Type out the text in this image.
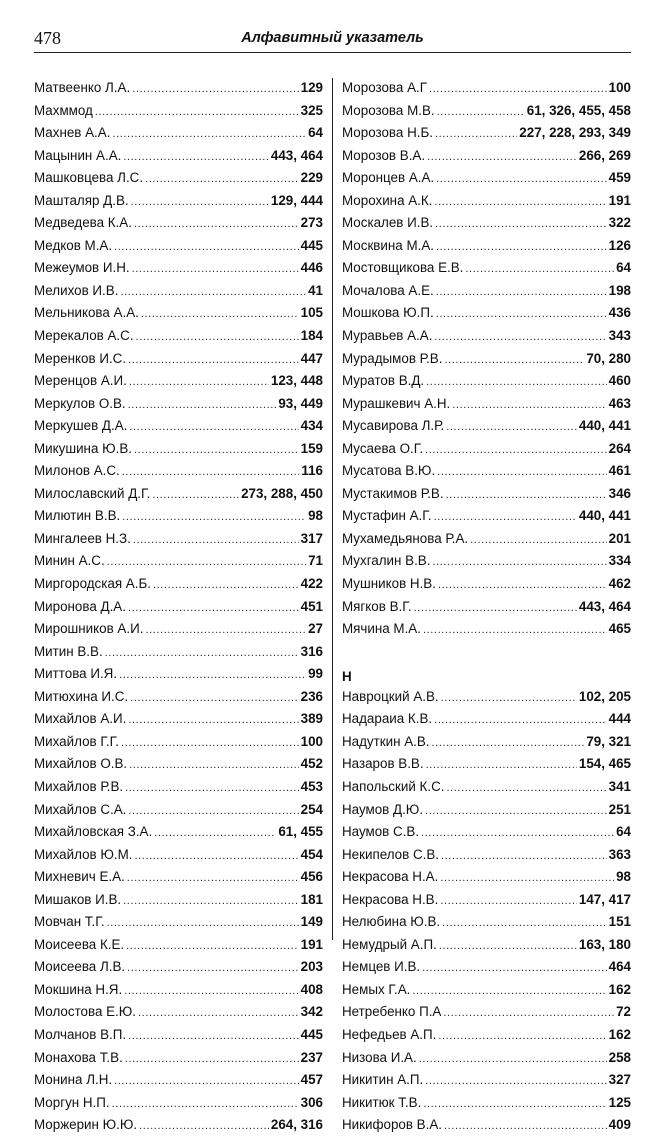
478	Алфавитный указатель
Матвеенко Л.А. .....	129
Махммод .....	325
Махнев А.А. .....	64
Мацынин А.А. .....	443, 464
Машковцева Л.С. .....	229
Машталяр Д.В. .....	129, 444
Медведева К.А. .....	273
Медков М.А. .....	445
Межеумов И.Н. .....	446
Мелихов И.В. .....	41
Мельникова А.А. .....	105
Мерекалов А.С. .....	184
Меренков И.С. .....	447
Меренцов А.И. .....	123, 448
Меркулов О.В. .....	93, 449
Меркушев Д.А. .....	434
Микушина Ю.В. .....	159
Милонов А.С. .....	116
Милославский Д.Г. .....	273, 288, 450
Милютин В.В. .....	98
Мингалеев Н.З. .....	317
Минин А.С. .....	71
Миргородская А.Б. .....	422
Миронова Д.А. .....	451
Мирошников А.И. .....	27
Митин В.В. .....	316
Миттова И.Я. .....	99
Митюхина И.С. .....	236
Михайлов А.И. .....	389
Михайлов Г.Г. .....	100
Михайлов О.В. .....	452
Михайлов Р.В. .....	453
Михайлов С.А. .....	254
Михайловская З.А. .....	61, 455
Михайлов Ю.М. .....	454
Михневич Е.А. .....	456
Мишаков И.В. .....	181
Мовчан Т.Г. .....	149
Моисеева К.Е. .....	191
Моисеева Л.В. .....	203
Мокшина Н.Я. .....	408
Молостова Е.Ю. .....	342
Молчанов В.П. .....	445
Монахова Т.В. .....	237
Монина Л.Н. .....	457
Моргун Н.П. .....	306
Моржерин Ю.Ю. .....	264, 316
Морозова А.Г .....	100
Морозова М.В. .....	61, 326, 455, 458
Морозова Н.Б. .....	227, 228, 293, 349
Морозов В.А. .....	266, 269
Моронцев А.А. .....	459
Морохина А.К. .....	191
Москалев И.В. .....	322
Москвина М.А. .....	126
Мостовщикова Е.В. .....	64
Мочалова А.Е. .....	198
Мошкова Ю.П. .....	436
Муравьев А.А. .....	343
Мурадымов Р.В. .....	70, 280
Муратов В.Д. .....	460
Мурашкевич А.Н. .....	463
Мусавирова Л.Р. .....	440, 441
Мусаева О.Г. .....	264
Мусатова В.Ю. .....	461
Мустакимов Р.В. .....	346
Мустафин А.Г. .....	440, 441
Мухамедьянова Р.А. .....	201
Мухгалин В.В. .....	334
Мушников Н.В. .....	462
Мягков В.Г. .....	443, 464
Мячина М.А. .....	465
Н
Навроцкий А.В. .....	102, 205
Надараиа К.В. .....	444
Надуткин А.В. .....	79, 321
Назаров В.В. .....	154, 465
Напольский К.С. .....	341
Наумов Д.Ю. .....	251
Наумов С.В. .....	64
Некипелов С.В. .....	363
Некрасова Н.А. .....	98
Некрасова Н.В. .....	147, 417
Нелюбина Ю.В. .....	151
Немудрый А.П. .....	163, 180
Немцев И.В. .....	464
Немых Г.А. .....	162
Нетребенко П.А .....	72
Нефедьев А.П. .....	162
Низова И.А. .....	258
Никитин А.П. .....	327
Никитюк Т.В. .....	125
Никифоров В.А. .....	409
